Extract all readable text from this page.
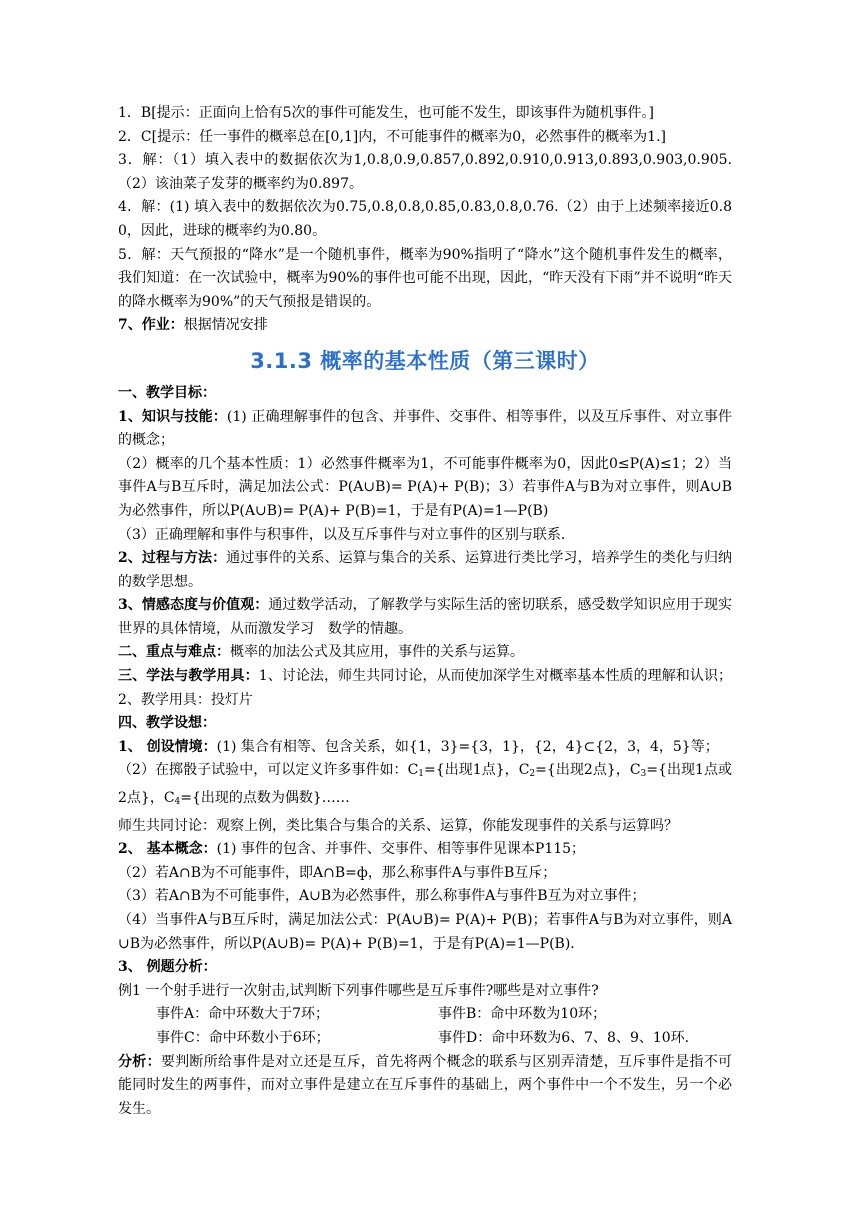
1．B[提示：正面向上恰有5次的事件可能发生，也可能不发生，即该事件为随机事件。]

2．C[提示：任一事件的概率总在[0,1]内，不可能事件的概率为0，必然事件的概率为1.]

3．解：（1）填入表中的数据依次为1,0.8,0.9,0.857,0.892,0.910,0.913,0.893,0.903,0.905.（2）该油菜子发芽的概率约为0.897。

4．解：(1) 填入表中的数据依次为0.75,0.8,0.8,0.85,0.83,0.8,0.76.（2）由于上述频率接近0.80，因此，进球的概率约为0.80。

5．解：天气预报的“降水”是一个随机事件，概率为90%指明了“降水”这个随机事件发生的概率，我们知道：在一次试验中，概率为90%的事件也可能不出现，因此，“昨天没有下雨”并不说明“昨天的降水概率为90%”的天气预报是错误的。

7、作业：根据情况安排

3.1.3 概率的基本性质（第三课时）

一、教学目标：

1、知识与技能：(1) 正确理解事件的包含、并事件、交事件、相等事件，以及互斥事件、对立事件的概念；

（2）概率的几个基本性质：1）必然事件概率为1，不可能事件概率为0，因此0≤P(A)≤1；2）当事件A与B互斥时，满足加法公式：P(A∪B)= P(A)+ P(B)；3）若事件A与B为对立事件，则A∪B为必然事件，所以P(A∪B)= P(A)+ P(B)=1，于是有P(A)=1—P(B)

（3）正确理解和事件与积事件，以及互斥事件与对立事件的区别与联系.

2、过程与方法：通过事件的关系、运算与集合的关系、运算进行类比学习，培养学生的类化与归纳的数学思想。

3、情感态度与价值观：通过数学活动，了解教学与实际生活的密切联系，感受数学知识应用于现实世界的具体情境，从而激发学习　数学的情趣。

二、重点与难点：概率的加法公式及其应用，事件的关系与运算。

三、学法与教学用具：1、讨论法，师生共同讨论，从而使加深学生对概率基本性质的理解和认识；2、教学用具：投灯片

四、教学设想：

1、 创设情境：(1) 集合有相等、包含关系，如{1，3}={3，1}，{2，4}⊂{2，3，4，5}等；

（2）在掷骰子试验中，可以定义许多事件如：$C_1=${出现1点}，$C_2=${出现2点}，$C_3=${出现1点或2点}，$C_4=${出现的点数为偶数}……

师生共同讨论：观察上例，类比集合与集合的关系、运算，你能发现事件的关系与运算吗？

2、 基本概念：(1) 事件的包含、并事件、交事件、相等事件见课本P115；

（2）若A∩B为不可能事件，即A∩B=ф，那么称事件A与事件B互斥；

（3）若A∩B为不可能事件，A∪B为必然事件，那么称事件A与事件B互为对立事件；

（4）当事件A与B互斥时，满足加法公式：P(A∪B)= P(A)+ P(B)；若事件A与B为对立事件，则A∪B为必然事件，所以P(A∪B)= P(A)+ P(B)=1，于是有P(A)=1—P(B)．

3、 例题分析：

例1 一个射手进行一次射击,试判断下列事件哪些是互斥事件?哪些是对立事件?

事件A：命中环数大于7环；	事件B：命中环数为10环；
事件C：命中环数小于6环；	事件D：命中环数为6、7、8、9、10环.

分析：要判断所给事件是对立还是互斥，首先将两个概念的联系与区别弄清楚，互斥事件是指不可能同时发生的两事件，而对立事件是建立在互斥事件的基础上，两个事件中一个不发生，另一个必发生。
